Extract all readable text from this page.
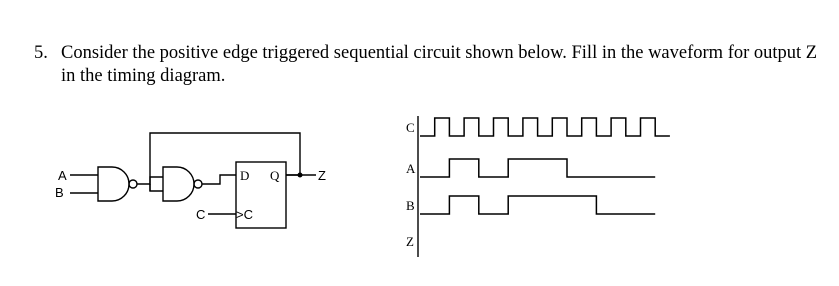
5. Consider the positive edge triggered sequential circuit shown below. Fill in the waveform for output Z in the timing diagram.
A
B
D Q
>C
Z
C
C
A
B
Z
